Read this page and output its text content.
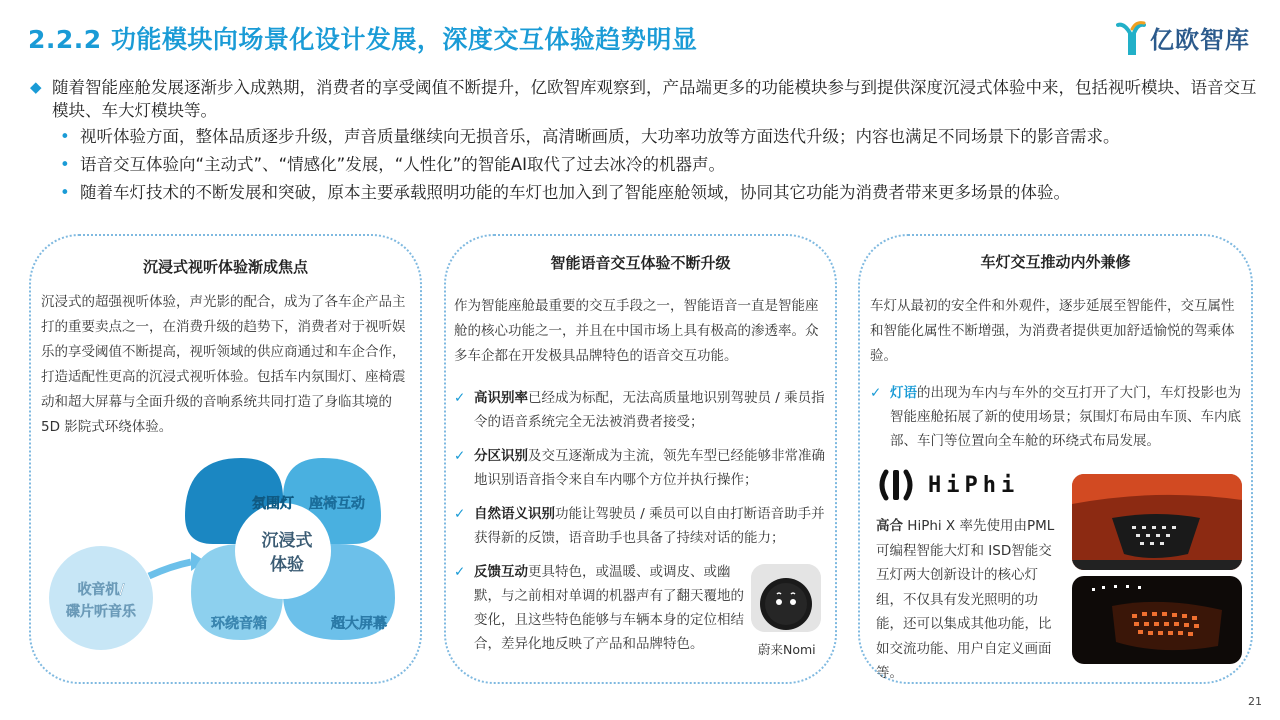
2.2.2 功能模块向场景化设计发展，深度交互体验趋势明显	亿欧智库
◆ 随着智能座舱发展逐渐步入成熟期，消费者的享受阈值不断提升，亿欧智库观察到，产品端更多的功能模块参与到提供深度沉浸式体验中来，包括视听模块、语音交互模块、车大灯模块等。
• 视听体验方面，整体品质逐步升级，声音质量继续向无损音乐，高清晰画质，大功率功放等方面迭代升级；内容也满足不同场景下的影音需求。
• 语音交互体验向“主动式”、“情感化”发展，“人性化”的智能AI取代了过去冰冷的机器声。
• 随着车灯技术的不断发展和突破，原本主要承载照明功能的车灯也加入到了智能座舱领域，协同其它功能为消费者带来更多场景的体验。
沉浸式视听体验渐成焦点
沉浸式的超强视听体验，声光影的配合，成为了各车企产品主打的重要卖点之一，在消费升级的趋势下，消费者对于视听娱乐的享受阈值不断提高，视听领域的供应商通过和车企合作，打造适配性更高的沉浸式视听体验。包括车内氛围灯、座椅震动和超大屏幕与全面升级的音响系统共同打造了身临其境的 5D 影院式环绕体验。
收音机/
碟片听音乐
氛围灯 座椅互动
沉浸式
体验
环绕音箱	超大屏幕
智能语音交互体验不断升级
作为智能座舱最重要的交互手段之一，智能语音一直是智能座舱的核心功能之一，并且在中国市场上具有极高的渗透率。众多车企都在开发极具品牌特色的语音交互功能。
✓ 高识别率已经成为标配，无法高质量地识别驾驶员 / 乘员指令的语音系统完全无法被消费者接受；
✓ 分区识别及交互逐渐成为主流，领先车型已经能够非常准确地识别语音指令来自车内哪个方位并执行操作；
✓ 自然语义识别功能让驾驶员 / 乘员可以自由打断语音助手并获得新的反馈，语音助手也具备了持续对话的能力；
✓ 反馈互动更具特色，或温暖、或调皮、或幽默，与之前相对单调的机器声有了翻天覆地的变化，且这些特色能够与车辆本身的定位相结合，差异化地反映了产品和品牌特色。	蔚来Nomi
车灯交互推动内外兼修
车灯从最初的安全件和外观件，逐步延展至智能件，交互属性和智能化属性不断增强，为消费者提供更加舒适愉悦的驾乘体验。
✓ 灯语的出现为车内与车外的交互打开了大门，车灯投影也为智能座舱拓展了新的使用场景；氛围灯布局由车顶、车内底部、车门等位置向全车舱的环绕式布局发展。
HiPhi
高合 HiPhi X 率先使用由PML可编程智能大灯和 ISD智能交互灯两大创新设计的核心灯组，不仅具有发光照明的功能，还可以集成其他功能，比如交流功能、用户自定义画面等。
21
